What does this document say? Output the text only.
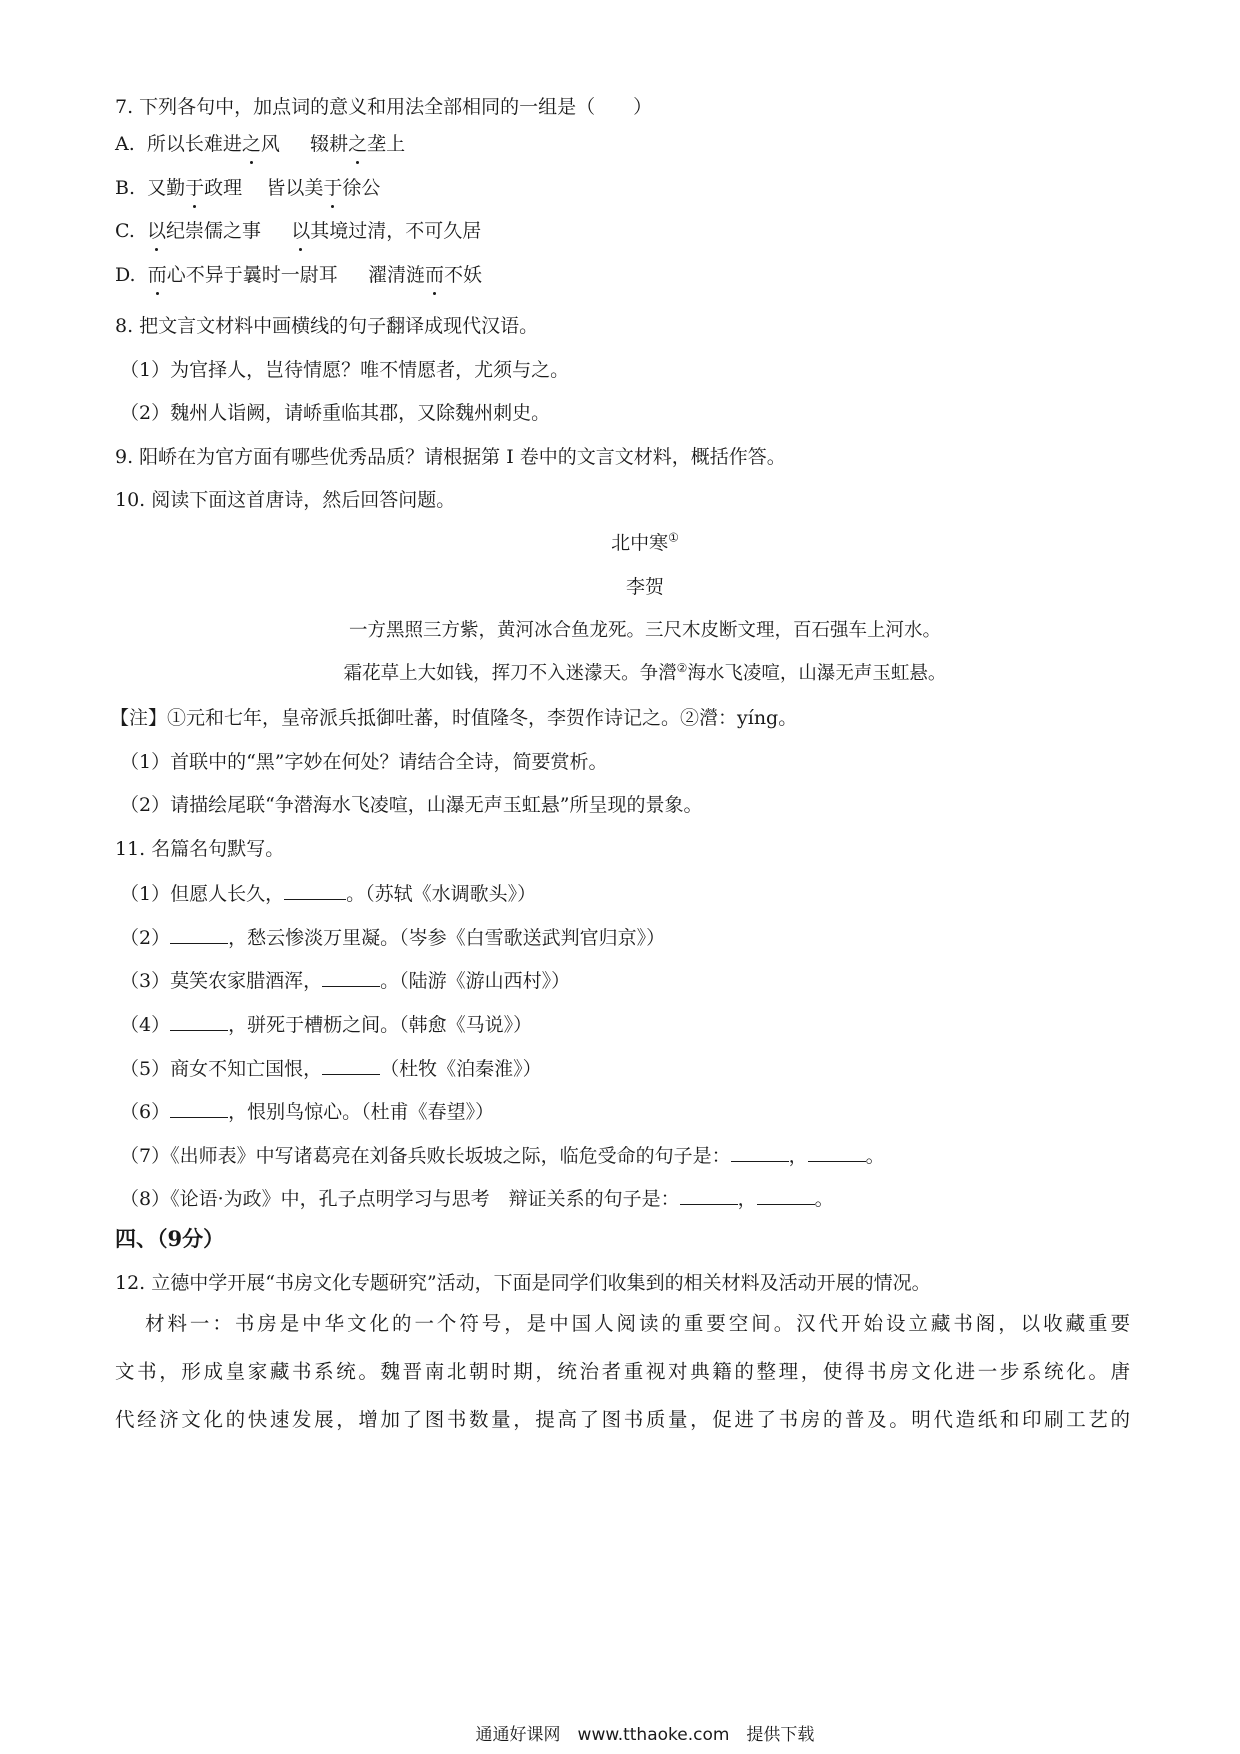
7. 下列各句中，加点词的意义和用法全部相同的一组是（　　）
A. 所以长难进之风 辍耕之垄上
B. 又勤于政理 皆以美于徐公
C. 以纪崇儒之事 以其境过清，不可久居
D. 而心不异于曩时一尉耳 濯清涟而不妖
8. 把文言文材料中画横线的句子翻译成现代汉语。
（1）为官择人，岂待情愿？唯不情愿者，尤须与之。
（2）魏州人诣阙，请峤重临其郡，又除魏州刺史。
9. 阳峤在为官方面有哪些优秀品质？请根据第 I 卷中的文言文材料，概括作答。
10. 阅读下面这首唐诗，然后回答问题。
北中寒①
李贺
一方黑照三方紫，黄河冰合鱼龙死。三尺木皮断文理，百石强车上河水。
霜花草上大如钱，挥刀不入迷濛天。争瀯②海水飞凌喧，山瀑无声玉虹悬。
【注】①元和七年，皇帝派兵抵御吐蕃，时值隆冬，李贺作诗记之。②瀯：yíng。
（1）首联中的“黑”字妙在何处？请结合全诗，简要赏析。
（2）请描绘尾联“争潜海水飞凌喧，山瀑无声玉虹悬”所呈现的景象。
11. 名篇名句默写。
（1）但愿人长久，	。（苏轼《水调歌头》）
（2）	，愁云惨淡万里凝。（岑参《白雪歌送武判官归京》）
（3）莫笑农家腊酒浑，	。（陆游《游山西村》）
（4）	，骈死于槽枥之间。（韩愈《马说》）
（5）商女不知亡国恨，	（杜牧《泊秦淮》）
（6）	，恨别鸟惊心。（杜甫《春望》）
（7）《出师表》中写诸葛亮在刘备兵败长坂坡之际，临危受命的句子是：	，	。
（8）《论语·为政》中，孔子点明学习与思考　辩证关系的句子是：	，	。
四、（9分）
12. 立德中学开展“书房文化专题研究”活动，下面是同学们收集到的相关材料及活动开展的情况。
材料一：书房是中华文化的一个符号，是中国人阅读的重要空间。汉代开始设立藏书阁，以收藏重要
文书，形成皇家藏书系统。魏晋南北朝时期，统治者重视对典籍的整理，使得书房文化进一步系统化。唐
代经济文化的快速发展，增加了图书数量，提高了图书质量，促进了书房的普及。明代造纸和印刷工艺的
通通好课网　www.tthaoke.com　提供下载
